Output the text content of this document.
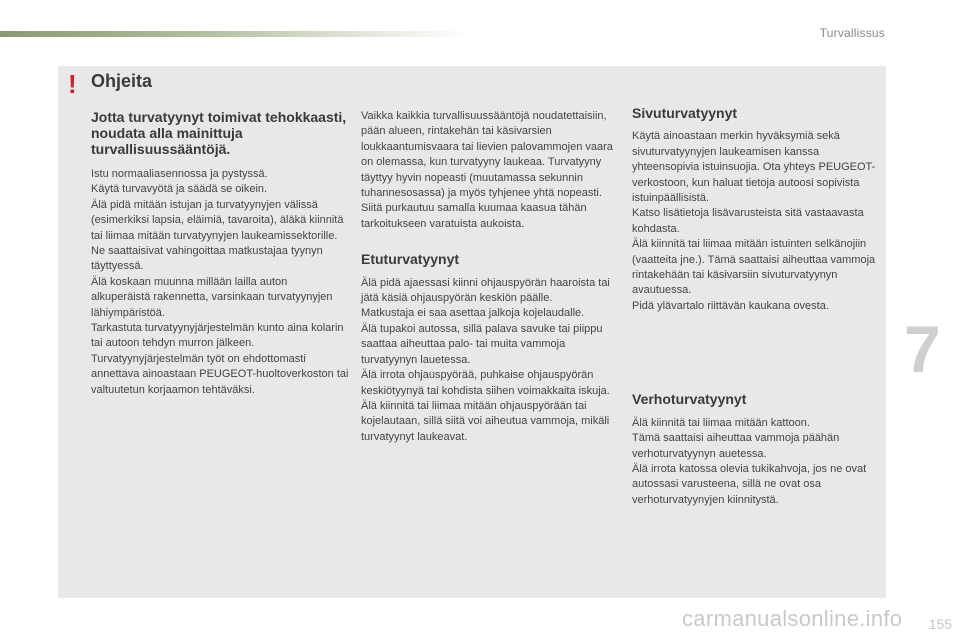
Turvallissus
! Ohjeita
Jotta turvatyynyt toimivat tehokkaasti, noudata alla mainittuja turvallisuussääntöjä.

Istu normaaliasennossa ja pystyssä.

Käytä turvavyötä ja säädä se oikein.

Älä pidä mitään istujan ja turvatyynyjen välissä (esimerkiksi lapsia, eläimiä, tavaroita), äläkä kiinnitä tai liimaa mitään turvatyynyjen laukeamissektorille. Ne saattaisivat vahingoittaa matkustajaa tyynyn täyttyessä.

Älä koskaan muunna millään lailla auton alkuperäistä rakennetta, varsinkaan turvatyynyjen lähiympäristöä.

Tarkastuta turvatyynyjärjestelmän kunto aina kolarin tai autoon tehdyn murron jälkeen.

Turvatyynyjärjestelmän työt on ehdottomasti annettava ainoastaan PEUGEOT-huoltoverkoston tai valtuutetun korjaamon tehtäväksi.

Vaikka kaikkia turvallisuussääntöjä noudatettaisiin, pään alueen, rintakehän tai käsivarsien loukkaantumisvaara tai lievien palovammojen vaara on olemassa, kun turvatyyny laukeaa. Turvatyyny täyttyy hyvin nopeasti (muutamassa sekunnin tuhannesosassa) ja myös tyhjenee yhtä nopeasti. Siitä purkautuu samalla kuumaa kaasua tähän tarkoitukseen varatuista aukoista.

Etuturvatyynyt

Älä pidä ajaessasi kiinni ohjauspyörän haaroista tai jätä käsiä ohjauspyörän keskiön päälle.

Matkustaja ei saa asettaa jalkoja kojelaudalle.

Älä tupakoi autossa, sillä palava savuke tai piippu saattaa aiheuttaa palo- tai muita vammoja turvatyynyn lauetessa.

Älä irrota ohjauspyörää, puhkaise ohjauspyörän keskiötyynyä tai kohdista siihen voimakkaita iskuja.

Älä kiinnitä tai liimaa mitään ohjauspyörään tai kojelautaan, sillä siitä voi aiheutua vammoja, mikäli turvatyynyt laukeavat.

Sivuturvatyynyt

Käytä ainoastaan merkin hyväksymiä sekä sivuturvatyynyjen laukeamisen kanssa yhteensopivia istuinsuojia. Ota yhteys PEUGEOT-verkostoon, kun haluat tietoja autoosi sopivista istuinpäällisistä.

Katso lisätietoja lisävarusteista sitä vastaavasta kohdasta.

Älä kiinnitä tai liimaa mitään istuinten selkänojiin (vaatteita jne.). Tämä saattaisi aiheuttaa vammoja rintakehään tai käsivarsiin sivuturvatyynyn avautuessa.

Pidä ylävartalo riittävän kaukana ovesta.

Verhoturvatyynyt

Älä kiinnitä tai liimaa mitään kattoon.

Tämä saattaisi aiheuttaa vammoja päähän verhoturvatyynyn auetessa.

Älä irrota katossa olevia tukikahvoja, jos ne ovat autossasi varusteena, sillä ne ovat osa verhoturvatyynyjen kiinnitystä.

7
carmanualsonline.info 155
